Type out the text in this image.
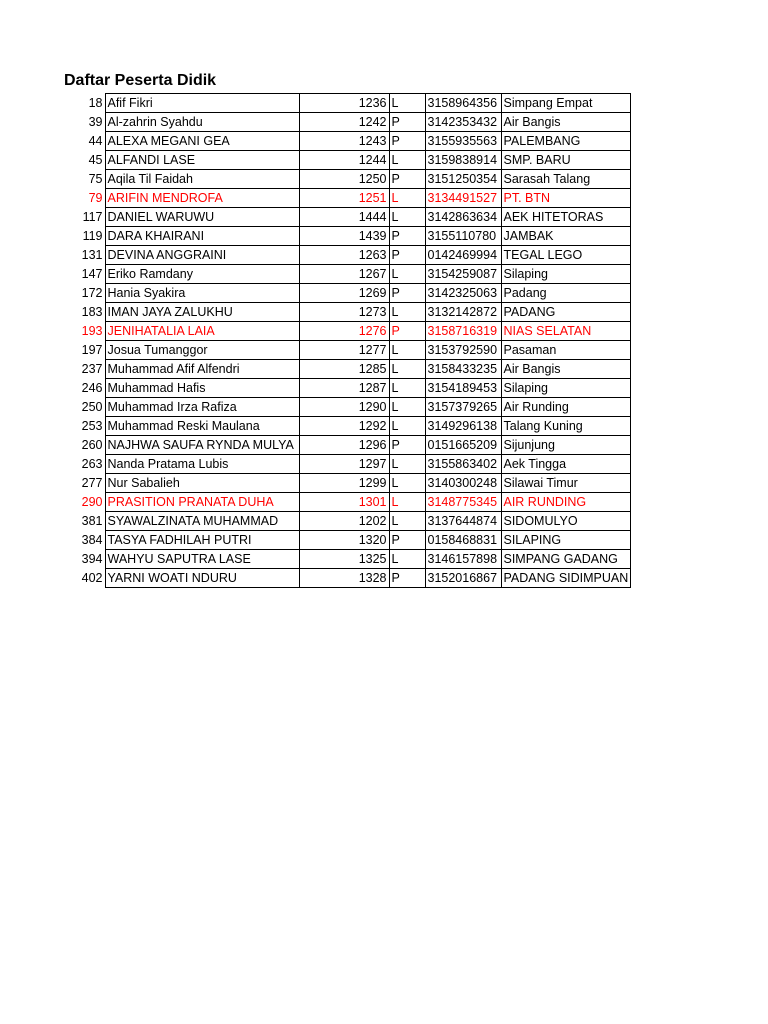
Daftar Peserta Didik
18	Afif Fikri	1236	L	3158964356	Simpang Empat
39	Al-zahrin Syahdu	1242	P	3142353432	Air Bangis
44	ALEXA MEGANI GEA	1243	P	3155935563	PALEMBANG
45	ALFANDI LASE	1244	L	3159838914	SMP. BARU
75	Aqila Til Faidah	1250	P	3151250354	Sarasah Talang
79	ARIFIN MENDROFA	1251	L	3134491527	PT. BTN
117	DANIEL WARUWU	1444	L	3142863634	AEK HITETORAS
119	DARA KHAIRANI	1439	P	3155110780	JAMBAK
131	DEVINA ANGGRAINI	1263	P	0142469994	TEGAL LEGO
147	Eriko Ramdany	1267	L	3154259087	Silaping
172	Hania Syakira	1269	P	3142325063	Padang
183	IMAN JAYA ZALUKHU	1273	L	3132142872	PADANG
193	JENIHATALIA LAIA	1276	P	3158716319	NIAS SELATAN
197	Josua Tumanggor	1277	L	3153792590	Pasaman
237	Muhammad Afif Alfendri	1285	L	3158433235	Air Bangis
246	Muhammad Hafis	1287	L	3154189453	Silaping
250	Muhammad Irza Rafiza	1290	L	3157379265	Air Runding
253	Muhammad Reski Maulana	1292	L	3149296138	Talang Kuning
260	NAJHWA SAUFA RYNDA MULYA	1296	P	0151665209	Sijunjung
263	Nanda Pratama Lubis	1297	L	3155863402	Aek Tingga
277	Nur Sabalieh	1299	L	3140300248	Silawai Timur
290	PRASITION PRANATA DUHA	1301	L	3148775345	AIR RUNDING
381	SYAWALZINATA MUHAMMAD	1202	L	3137644874	SIDOMULYO
384	TASYA FADHILAH PUTRI	1320	P	0158468831	SILAPING
394	WAHYU SAPUTRA LASE	1325	L	3146157898	SIMPANG GADANG
402	YARNI WOATI NDURU	1328	P	3152016867	PADANG SIDIMPUAN
